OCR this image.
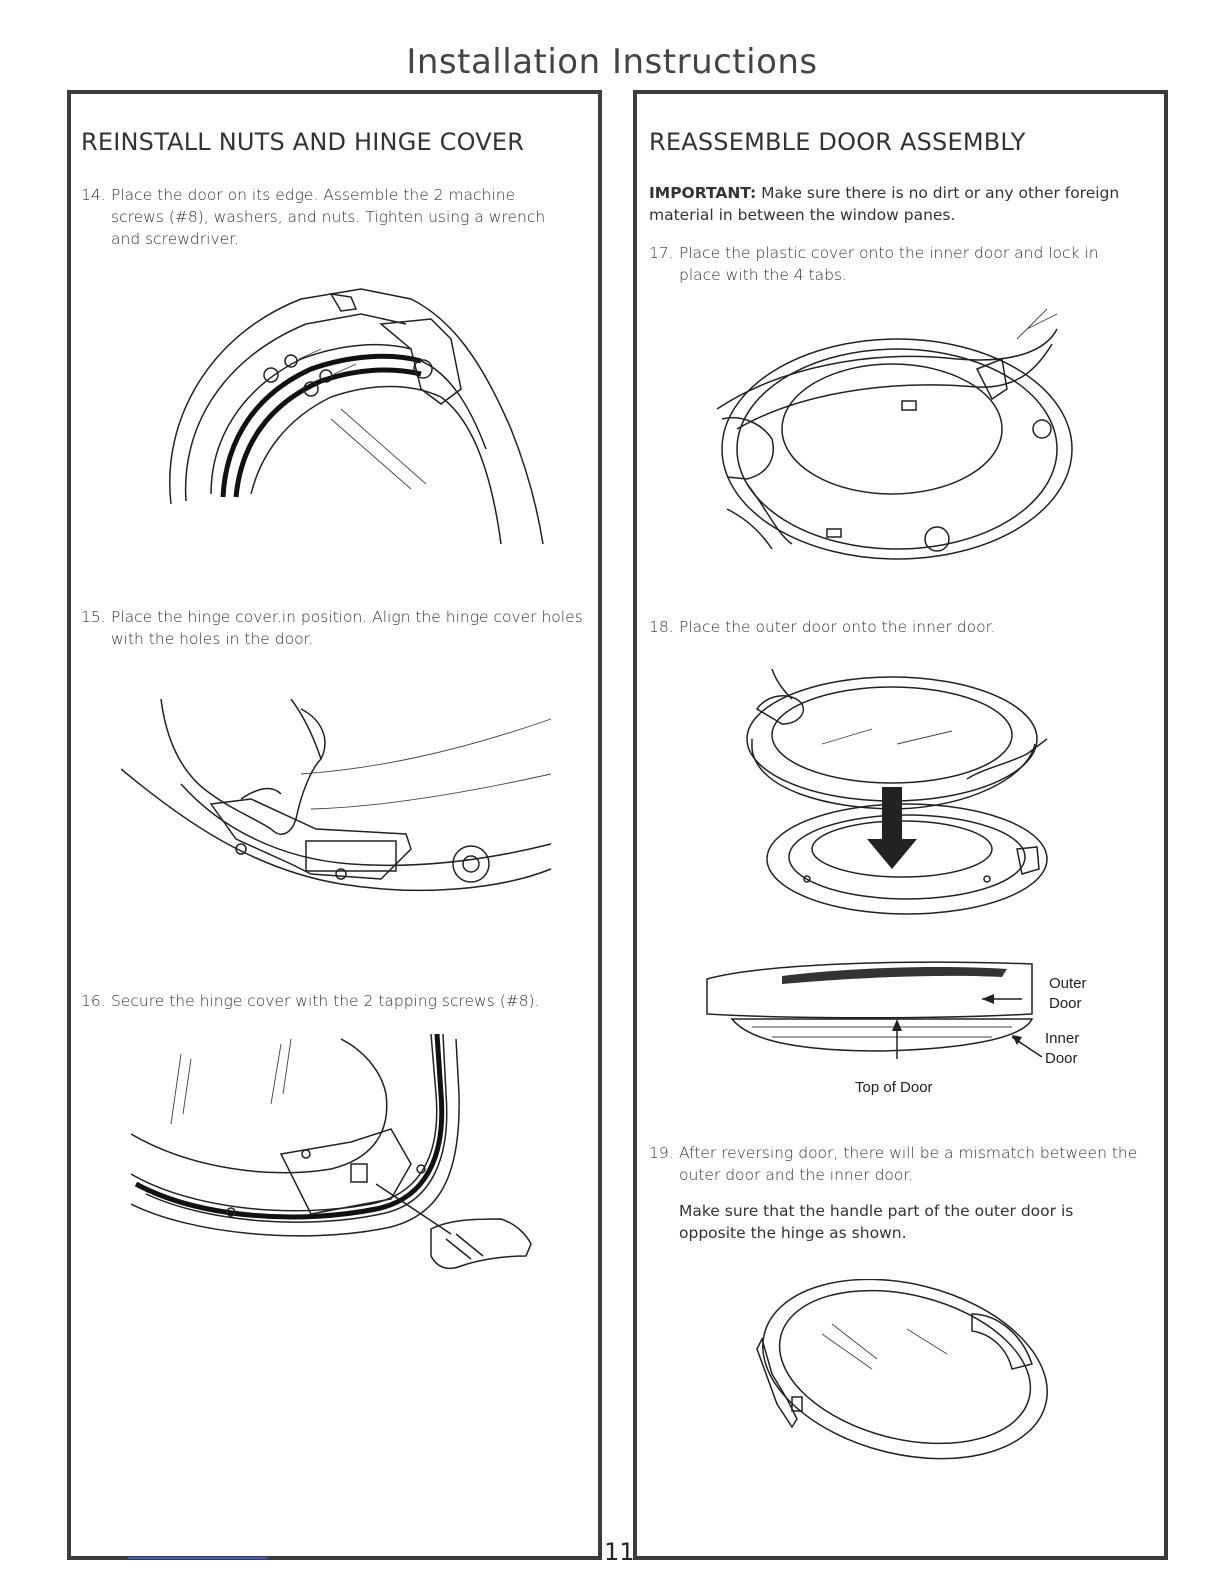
Installation Instructions
REINSTALL NUTS AND HINGE COVER
14. Place the door on its edge. Assemble the 2 machine screws (#8), washers, and nuts. Tighten using a wrench and screwdriver.
15. Place the hinge cover.in position. Align the hinge cover holes with the holes in the door.
16. Secure the hinge cover with the 2 tapping screws (#8).
REASSEMBLE DOOR ASSEMBLY
IMPORTANT: Make sure there is no dirt or any other foreign material in between the window panes.
17. Place the plastic cover onto the inner door and lock in place with the 4 tabs.
18. Place the outer door onto the inner door.
Outer
Door
Inner
Door
Top of Door
19. After reversing door, there will be a mismatch between the outer door and the inner door.
Make sure that the handle part of the outer door is opposite the hinge as shown.
11
